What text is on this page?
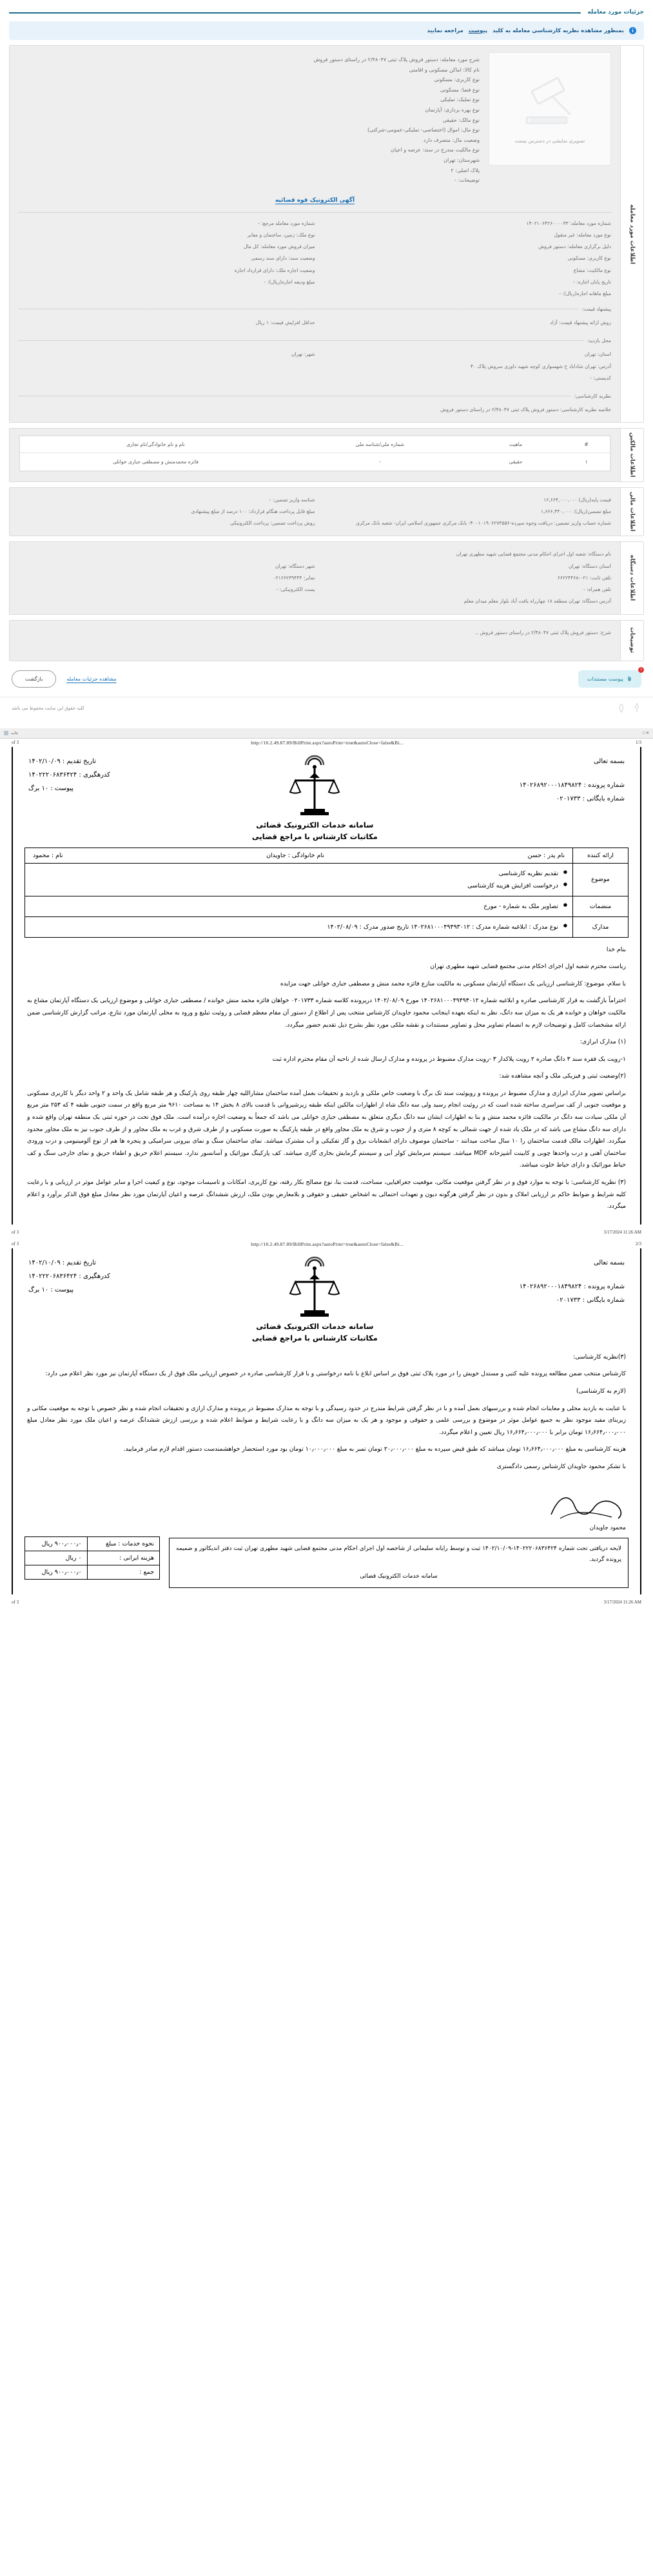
جزئیات مورد معامله
i
بمنظور مشاهده نظریه کارشناسی معامله به کلید
پیوست
مراجعه نمایید
اطلاعات مورد معامله
تصویری نمایشی در دسترس نیست
شرح مورد معامله: دستور فروش پلاک ثبتی ۲/۴۸۰۴۷ در راستای دستور فروش
نام کالا: اماکن مسکونی و اقامتی
نوع کاربری: مسکونی
نوع فضا: مسکونی
نوع تملیک: تملیکی
نوع بهره برداری: آپارتمان
نوع مالک: حقیقی
نوع مال: اموال (اختصاصی- تملیکی-عمومی-شرکتی)
وضعیت مال: متصرف دارد
نوع مالکیت مندرج در سند: عرصه و اعیان
شهرستان: تهران
پلاک اصلی: ۲
توضیحات: -
آگهی الکترونیک قوه قضائیه
شماره مورد معامله: ۱۴۰۲۱۰۶۴۲۶۰۰۰۰۳۳
نوع مورد معامله: غیر منقول
دلیل برگزاری معامله: دستور فروش
نوع کاربری: مسکونی
نوع مالکیت: مشاع
تاریخ پایان اجاره: -
مبلغ ماهانه اجاره(ریال): -
شماره مورد معامله مرجع: -
نوع ملک: زمین، ساختمان و معابر
میزان فروش مورد معامله: کل مال
وضعیت سند: دارای سند رسمی
وضعیت اجاره ملک: دارای قرارداد اجاره
مبلغ ودیعه اجاره(ریال): -
پیشنهاد قیمت:
روش ارائه پیشنهاد قیمت: آزاد
حداقل افزایش قیمت: ۱ ریال
محل بازدید:
استان: تهران
شهر: تهران
آدرس: تهران شاداباد خ شهسواری کوچه شهید داوری سروش پلاک ۴۰
کدپستی: -
نظریه کارشناسی:
خلاصه نظریه کارشناسی: دستور فروش پلاک ثبتی ۲/۴۸۰۴۷ در راستای دستور فروش
اطلاعات مالکین
#	ماهیت	شماره ملی/شناسه ملی	نام و نام خانوادگی/نام تجاری
۱	حقیقی	-	فائزه محمدمنش و مصطفی جباری خوانلی
اطلاعات مالی
قیمت پایه(ریال) ۱۶,۶۶۴,۰۰۰,۰۰۰
شناسه واریز تضمین: -
مبلغ تضمین(ریال): ۱,۶۶۶,۴۴۰,۰۰۰
مبلغ قابل پرداخت هنگام قرارداد: ۱۰۰ درصد از مبلغ پیشنهادی
شماره حساب واریز تضمین: دریافت وجوه سپرده-۴۰۰۱۰۱۹۰۶۲۷۴۵۵۶- بانک مرکزی جمهوری اسلامی ایران- شعبه بانک مرکزی
روش پرداخت تضمین: پرداخت الکترونیکی
اطلاعات دستگاه
نام دستگاه: شعبه اول اجرای احکام مدنی مجتمع قضایی شهید مطهری تهران
استان دستگاه: تهران
شهر دستگاه: تهران
تلفن ثابت: ۰۲۱-۶۶۲۲۴۴۶۸
نمابر: ۰۲۱۶۶۲۳۹۴۴۴
تلفن همراه: -
پست الکترونیکی: -
آدرس دستگاه: تهران منطقه ۱۸ چهارراه یافت آباد بلوار معلم میدان معلم
توضیحات
شرح: دستور فروش پلاک ثبتی ۲/۴۸۰۴۷ در راستای دستور فروش ..
!
پیوست مستندات
مشاهده جزئیات معامله
بازگشت
کلیه حقوق این سایت محفوظ می باشد
چاپ	□ ✕
of 3	http://10.2.49.87.89/BillPrint.aspx?autoPrint=true&autoClose=false&Bi...	1/3
بسمه تعالی
شماره پرونده : ۱۴۰۲۶۸۹۲۰۰۰۱۸۴۹۸۲۴
شماره بایگانی : ۰۲۰۱۷۳۳
سامانه خدمات الکترونیک قضائی
مکاتبات کارشناس با مراجع قضایی
تاریخ تقدیم : ۱۴۰۲/۱۰/۰۹
کدرهگیری : ۱۴۰۲۲۲۰۶۸۳۶۴۲۴
پیوست : ۱۰ برگ
ارائه کننده	نام پدر : حسن
نام خانوادگی : جاویدان
نام : محمود

موضوع	
● تقدیم نظریه کارشناسی
● درخواست افزایش هزینه کارشناسی

منضمات	
● تصاویر ملک به شماره - مورخ

مدارک	
● نوع مدرک : ابلاغیه شماره مدرک : ۱۴۰۲۶۸۱۰۰۰۴۹۴۹۳۰۱۲ تاریخ صدور مدرک : ۱۴۰۲/۰۸/۰۹

بنام خدا

ریاست محترم شعبه اول اجرای احکام مدنی مجتمع قضایی شهید مطهری تهران

با سلام، موضوع: کارشناسی ارزیابی یک دستگاه آپارتمان مسکونی به مالکیت منازع فائزه محمد منش و مصطفی جباری خوانلی جهت مزایده

احتراماً بازگشت به قرار کارشناسی صادره و ابلاغیه شماره ۱۴۰۲۶۸۱۰۰۰۴۹۴۹۳۰۱۲ مورخ ۱۴۰۲/۰۸/۰۹ درپرونده کلاسه شماره ۰۲۰۱۷۳۳ خواهان فائزه محمد منش خوانده / مصطفی جباری خوانلی و موضوع ارزیابی یک دستگاه آپارتمان مشاع به مالکیت خواهان و خوانده هر یک به میزان سه دانگ، نظر به اینکه بعهده اینجانب محمود جاویدان کارشناس منتخب پس از اطلاع از دستور آن مقام معظم قضایی و روئیت تبلیغ و ورود به محلی آپارتمان مورد تنازع، مراتب گزارش کارشناسی ضمن ارائه مشخصات کامل و توضیحات لازم به انضمام تصاویر محل و تصاویر مستندات و نقشه ملکی مورد نظر بشرح ذیل تقدیم حضور میگردد.

(١) مدارک ابرازی:

۱-رویت یک فقره سند ۳ دانگ صادره ۲ رویت پلاکدار ۳ -رویت مدارک مضبوط در پرونده و مدارک ارسال شده از ناحیه آن مقام محترم اداره ثبت

(۲)وضعیت ثبتی و فیزیکی ملک و آنچه مشاهده شد:

براساس تصویر مدارک ابرازی و مدارک مضبوط در پرونده و رویوئیت سند تک برگ با وضعیت خاص ملکی و بازدید و تحقیقات بعمل آمده ساختمان مشاراللیه چهار طبقه روی پارکینگ و هر طبقه شامل یک واحد و ۲ واحد دیگر با کاربری مسکونی و موقعیت جنوبی از کف سراسری ساخته شده است که در روئیت انجام رسید ولی سه دانگ شاه از اظهارات مالکین اینکه طبقه زیرشیروانی با قدمت بالای ۸ بخش ۱۴ به مساحت ۹۶۱۰ متر مربع واقع در سمت جنوبی طبقه ۴ که ۲۵۳ متر مربع آن ملکی سیادت سه دانگ در مالکیت فائزه محمد منش و بنا به اظهارات ایشان سه دانگ دیگری متعلق به مصطفی جباری خوانلی می باشد که جمعاً به وضعیت اجاره درآمده است. ملک فوق تحت در حوزه ثبتی یک منطقه تهران واقع شده و دارای سه دانگ مشاع می باشد که در ملک یاد شده از جهت شمالی به کوچه ۸ متری و از جنوب و شرق به ملک مجاور واقع در طبقه پارکینگ به صورت مسکونی و از طرف شرق و غرب به ملک مجاور و از طرف جنوب نیز به ملک مجاور محدود میگردد. اظهارات مالک قدمت ساختمان را ۱۰ سال ساخت میدانند - ساختمان موصوف دارای انشعابات برق و گاز تفکیکی و آب مشترک میباشد. نمای ساختمان سنگ و نمای بیرونی سرامیکی و پنجره ها هم از نوع آلومینیومی و درب ورودی ساختمان آهنی و درب واحدها چوبی و کابینت آشپزخانه MDF میباشد. سیستم سرمایش کولر آبی و سیستم گرمایش بخاری گازی میباشد. کف پارکینگ موزائیک و آسانسور ندارد. سیستم اعلام حریق و اطفاء حریق و نمای خارجی سنگ و کف حیاط موزائیک و دارای حیاط خلوت میباشد.

(۳) نظریه کارشناسی: با توجه به موارد فوق و در نظر گرفتن موقعیت مکانی، موقعیت جغرافیایی، مساحت، قدمت بنا، نوع مصالح بکار رفته، نوع کاربری، امکانات و تاسیسات موجود، نوع و کیفیت اجرا و سایر عوامل موثر در ارزیابی و با رعایت کلیه شرایط و ضوابط حاکم بر ارزیابی املاک و بدون در نظر گرفتن هرگونه دیون و تعهدات احتمالی به اشخاص حقیقی و حقوقی و بلامعارض بودن ملک، ارزش ششدانگ عرصه و اعیان آپارتمان مورد نظر معادل مبلغ فوق الذکر برآورد و اعلام میگردد.

of 3	3/17/2024 11:26 AM
of 3	http://10.2.49.87.89/BillPrint.aspx?autoPrint=true&autoClose=false&Bi...	2/3
بسمه تعالی
شماره پرونده : ۱۴۰۲۶۸۹۲۰۰۰۱۸۴۹۸۲۴
شماره بایگانی : ۰۲۰۱۷۳۳
سامانه خدمات الکترونیک قضائی
مکاتبات کارشناس با مراجع قضایی
تاریخ تقدیم : ۱۴۰۲/۱۰/۰۹
کدرهگیری : ۱۴۰۲۲۲۰۶۸۳۶۴۲۴
پیوست : ۱۰ برگ

(٣)نظریه کارشناسی:

کارشناس منتخب ضمن مطالعه پرونده علیه کتبی و مستدل خویش را در مورد پلاک ثبتی فوق بر اساس ابلاغ با نامه درخواستی و با قرار کارشناسی صادره در خصوص ارزیابی ملک فوق از یک دستگاه آپارتمان نیز مورد نظر اعلام می دارد:

(لازم به کارشناسی)

با عنایت به بازدید محلی و معاینات انجام شده و بررسیهای بعمل آمده و با در نظر گرفتن شرایط مندرج در حدود رسیدگی و با توجه به مدارک مضبوط در پرونده و مدارک ارازی و تحقیقات انجام شده و نظر خصوص با توجه به موقعیت مکانی و زیربنای مفید موجود نظر به جمیع عوامل موثر در موضوع و بررسی علمی و حقوقی و موجود و هر یک به میزان سه دانگ و با رعایت شرایط و ضوابط اعلام شده و بررسی ارزش ششدانگ عرصه و اعیان ملک مورد نظر معادل مبلغ ۱۶٫۶۶۴٫۰۰۰٫۰۰۰ تومان برابر با ۱۶٫۶۶۴٫۰۰۰٫۰۰۰ ریال تعیین و اعلام میگردد.

هزینه کارشناسی به مبلغ ۱۶٫۶۶۴٫۰۰۰٫۰۰۰ تومان میباشد که طبق قبض سپرده به مبلغ ۲۰٫۰۰۰٫۰۰۰ تومان تمبر به مبلغ ۱۰٫۰۰۰٫۰۰۰ تومان بود مورد استحضار خواهشمندست دستور اقدام لازم صادر فرمایید.

با تشکر محمود جاویدان کارشناس رسمی دادگستری

محمود جاویدان
لایحه دریافتی تحت شماره ۱۴۰۲۲۲۰۶۸۳۶۴۲۴-۱۴۰۲/۱۰/۰۹ ثبت و توسط رایانه سلیمانی از شاخصه اول اجرای احکام مدنی مجتمع قضایی شهید مطهری تهران ثبت دفتر اندیکاتور و ضمیمه پرونده گردید.
سامانه خدمات الکترونیک قضائی
نحوه خدمات : مبلغ	۹۰۰٫۰۰۰٫۰ ریال
هزینه ایرانی :	۰ ریال
جمع :	۹۰۰٫۰۰۰٫۰ ریال
of 3	3/17/2024 11:26 AM
